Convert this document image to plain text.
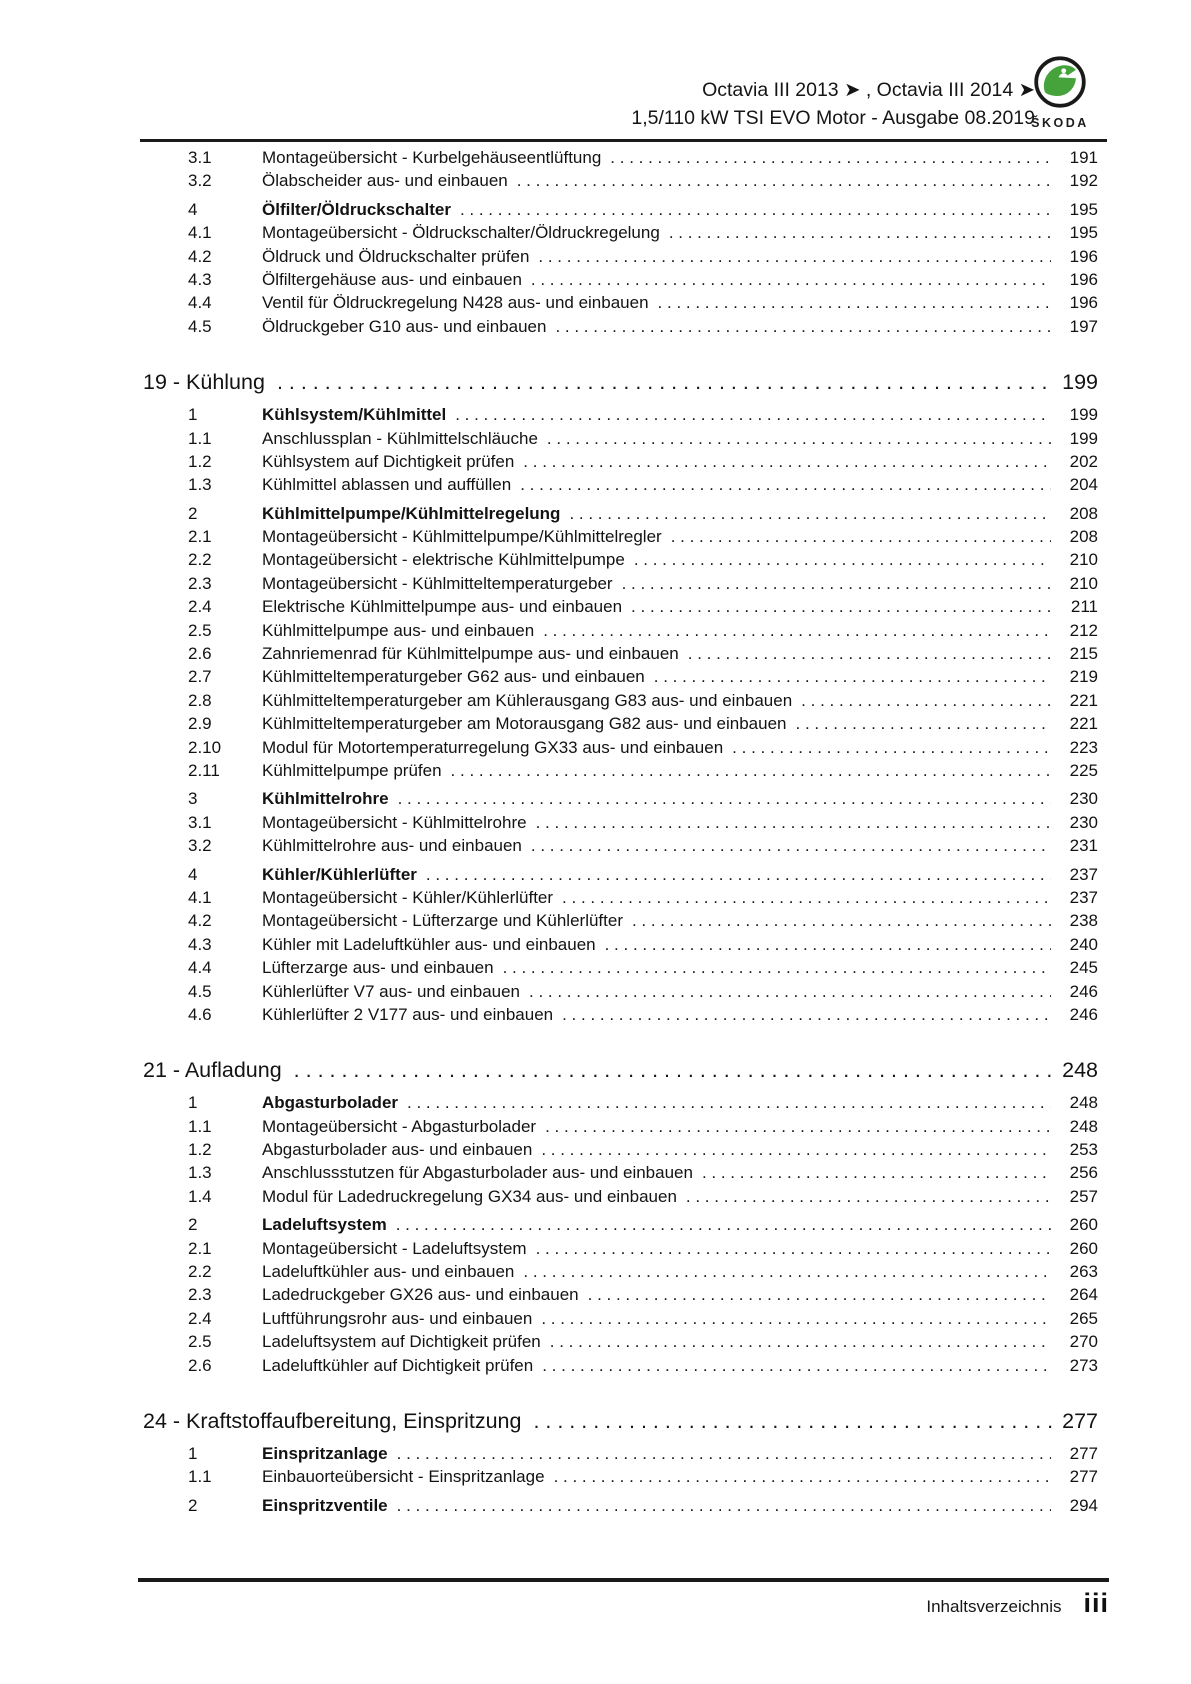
Octavia III 2013 ➤ , Octavia III 2014 ➤
1,5/110 kW TSI EVO Motor - Ausgabe 08.2019
ŠKODA
3.1	Montageübersicht - Kurbelgehäuseentlüftung . . .	191
3.2	Ölabscheider aus- und einbauen . . .	192
4	Ölfilter/Öldruckschalter . . .	195
4.1	Montageübersicht - Öldruckschalter/Öldruckregelung . . .	195
4.2	Öldruck und Öldruckschalter prüfen . . .	196
4.3	Ölfiltergehäuse aus- und einbauen . . .	196
4.4	Ventil für Öldruckregelung N428 aus- und einbauen . . .	196
4.5	Öldruckgeber G10 aus- und einbauen . . .	197
19 - Kühlung . . .	199
1	Kühlsystem/Kühlmittel . . .	199
1.1	Anschlussplan - Kühlmittelschläuche . . .	199
1.2	Kühlsystem auf Dichtigkeit prüfen . . .	202
1.3	Kühlmittel ablassen und auffüllen . . .	204
2	Kühlmittelpumpe/Kühlmittelregelung . . .	208
2.1	Montageübersicht - Kühlmittelpumpe/Kühlmittelregler . . .	208
2.2	Montageübersicht - elektrische Kühlmittelpumpe . . .	210
2.3	Montageübersicht - Kühlmitteltemperaturgeber . . .	210
2.4	Elektrische Kühlmittelpumpe aus- und einbauen . . .	211
2.5	Kühlmittelpumpe aus- und einbauen . . .	212
2.6	Zahnriemenrad für Kühlmittelpumpe aus- und einbauen . . .	215
2.7	Kühlmitteltemperaturgeber G62 aus- und einbauen . . .	219
2.8	Kühlmitteltemperaturgeber am Kühlerausgang G83 aus- und einbauen . . .	221
2.9	Kühlmitteltemperaturgeber am Motorausgang G82 aus- und einbauen . . .	221
2.10	Modul für Motortemperaturregelung GX33 aus- und einbauen . . .	223
2.11	Kühlmittelpumpe prüfen . . .	225
3	Kühlmittelrohre . . .	230
3.1	Montageübersicht - Kühlmittelrohre . . .	230
3.2	Kühlmittelrohre aus- und einbauen . . .	231
4	Kühler/Kühlerlüfter . . .	237
4.1	Montageübersicht - Kühler/Kühlerlüfter . . .	237
4.2	Montageübersicht - Lüfterzarge und Kühlerlüfter . . .	238
4.3	Kühler mit Ladeluftkühler aus- und einbauen . . .	240
4.4	Lüfterzarge aus- und einbauen . . .	245
4.5	Kühlerlüfter V7 aus- und einbauen . . .	246
4.6	Kühlerlüfter 2 V177 aus- und einbauen . . .	246
21 - Aufladung . . .	248
1	Abgasturbolader . . .	248
1.1	Montageübersicht - Abgasturbolader . . .	248
1.2	Abgasturbolader aus- und einbauen . . .	253
1.3	Anschlussstutzen für Abgasturbolader aus- und einbauen . . .	256
1.4	Modul für Ladedruckregelung GX34 aus- und einbauen . . .	257
2	Ladeluftsystem . . .	260
2.1	Montageübersicht - Ladeluftsystem . . .	260
2.2	Ladeluftkühler aus- und einbauen . . .	263
2.3	Ladedruckgeber GX26 aus- und einbauen . . .	264
2.4	Luftführungsrohr aus- und einbauen . . .	265
2.5	Ladeluftsystem auf Dichtigkeit prüfen . . .	270
2.6	Ladeluftkühler auf Dichtigkeit prüfen . . .	273
24 - Kraftstoffaufbereitung, Einspritzung . . .	277
1	Einspritzanlage . . .	277
1.1	Einbauorteübersicht - Einspritzanlage . . .	277
2	Einspritzventile . . .	294
Inhaltsverzeichnis iii
